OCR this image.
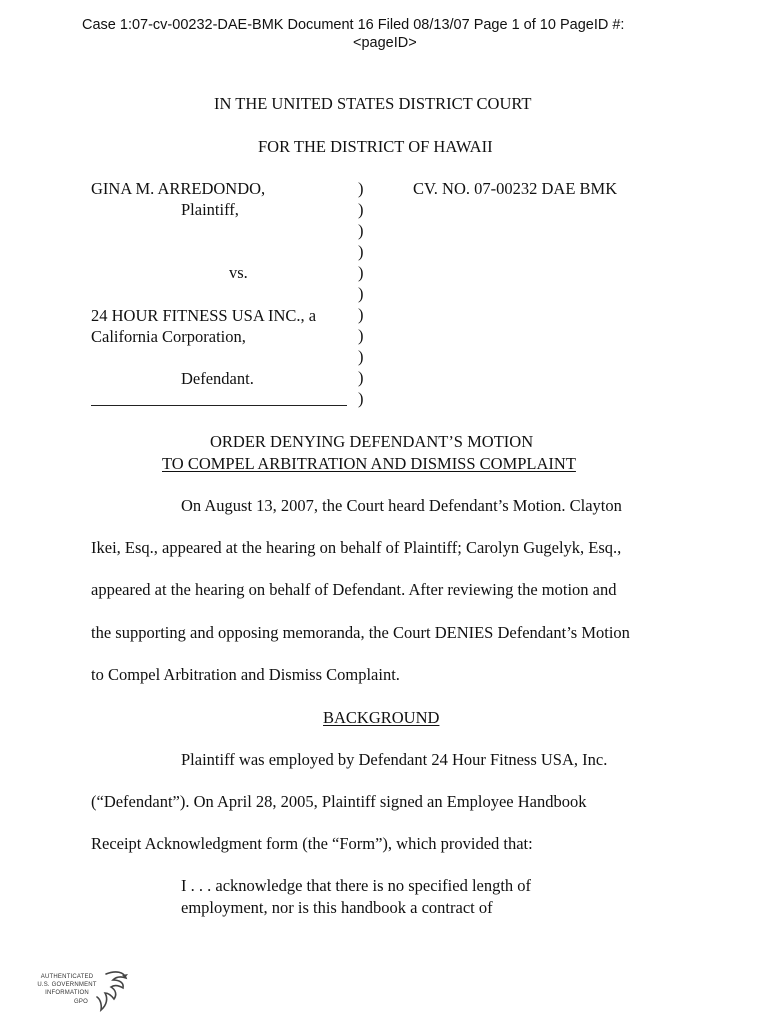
Case 1:07-cv-00232-DAE-BMK Document 16 Filed 08/13/07 Page 1 of 10 PageID #:
<pageID>
IN THE UNITED STATES DISTRICT COURT
FOR THE DISTRICT OF HAWAII
GINA M. ARREDONDO,
Plaintiff,
vs.
24 HOUR FITNESS USA INC., a
California Corporation,
Defendant.
)
)
)
)
)
)
)
)
)
)
)
CV. NO. 07-00232 DAE BMK
ORDER DENYING DEFENDANT’S MOTION
TO COMPEL ARBITRATION AND DISMISS COMPLAINT
On August 13, 2007, the Court heard Defendant’s Motion. Clayton
Ikei, Esq., appeared at the hearing on behalf of Plaintiff; Carolyn Gugelyk, Esq.,
appeared at the hearing on behalf of Defendant. After reviewing the motion and
the supporting and opposing memoranda, the Court DENIES Defendant’s Motion
to Compel Arbitration and Dismiss Complaint.
BACKGROUND
Plaintiff was employed by Defendant 24 Hour Fitness USA, Inc.
(“Defendant”). On April 28, 2005, Plaintiff signed an Employee Handbook
Receipt Acknowledgment form (the “Form”), which provided that:
I . . . acknowledge that there is no specified length of
employment, nor is this handbook a contract of
AUTHENTICATED
U.S. GOVERNMENT
INFORMATION
GPO
